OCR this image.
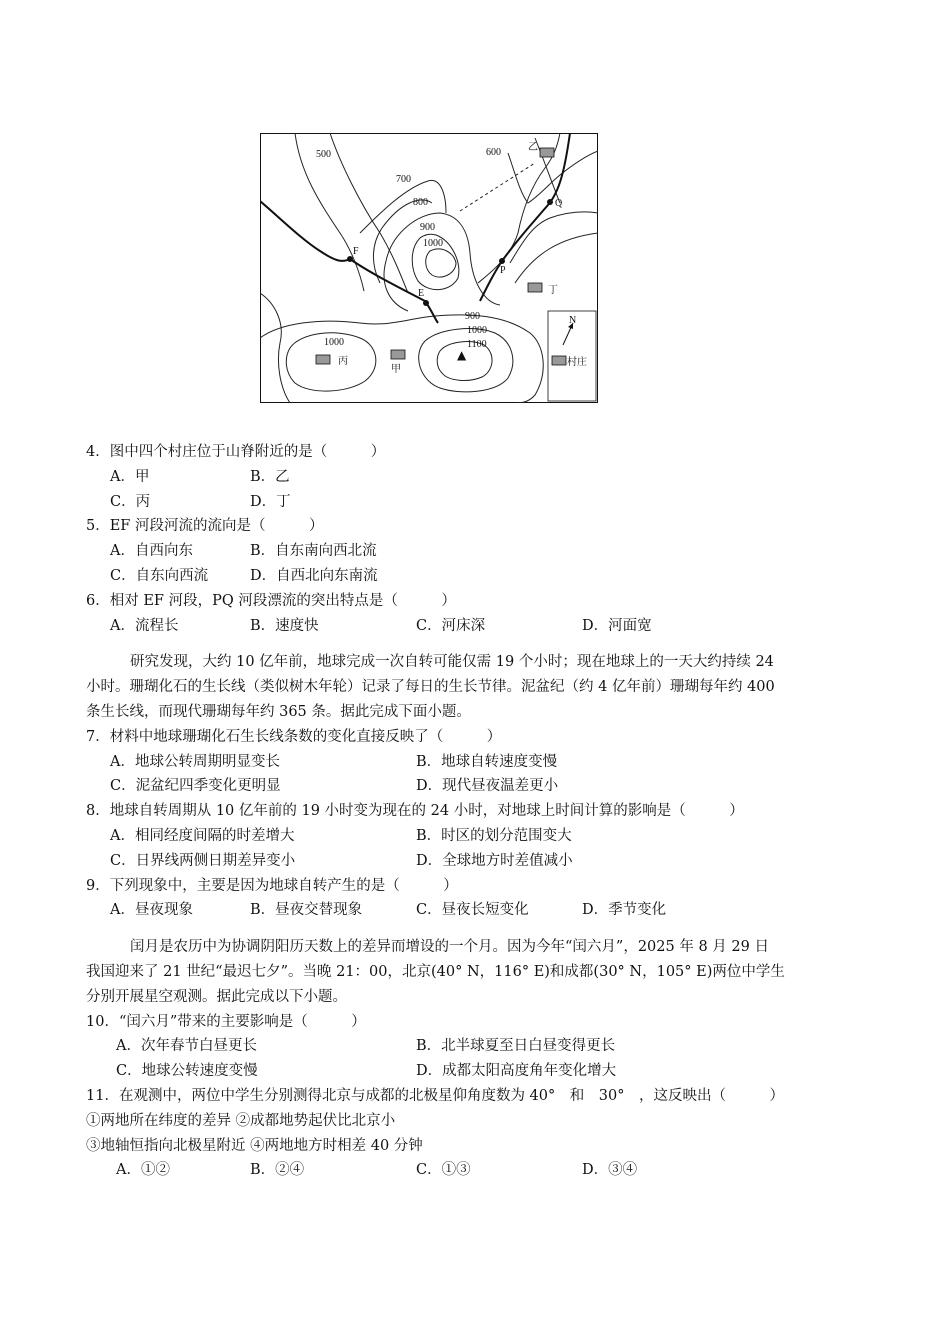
F
E
P
Q
500	600
700
800
900
1000
900
1000
1100
1000
乙
丁
丙
甲
▲
N
村庄
4．图中四个村庄位于山脊附近的是（　　　）
A．甲	B．乙
C．丙	D．丁
5．EF 河段河流的流向是（　　　）
A．自西向东	B．自东南向西北流
C．自东向西流	D．自西北向东南流
6．相对 EF 河段，PQ 河段漂流的突出特点是（　　　）
A．流程长	B．速度快	C．河床深	D．河面宽
研究发现，大约 10 亿年前，地球完成一次自转可能仅需 19 个小时；现在地球上的一天大约持续 24
小时。珊瑚化石的生长线（类似树木年轮）记录了每日的生长节律。泥盆纪（约 4 亿年前）珊瑚每年约 400
条生长线，而现代珊瑚每年约 365 条。据此完成下面小题。
7．材料中地球珊瑚化石生长线条数的变化直接反映了（　　　）
A．地球公转周期明显变长	B．地球自转速度变慢
C．泥盆纪四季变化更明显	D．现代昼夜温差更小
8．地球自转周期从 10 亿年前的 19 小时变为现在的 24 小时，对地球上时间计算的影响是（　　　）
A．相同经度间隔的时差增大	B．时区的划分范围变大
C．日界线两侧日期差异变小	D．全球地方时差值减小
9．下列现象中，主要是因为地球自转产生的是（　　　）
A．昼夜现象	B．昼夜交替现象	C．昼夜长短变化	D．季节变化
闰月是农历中为协调阴阳历天数上的差异而增设的一个月。因为今年“闰六月”，2025 年 8 月 29 日
我国迎来了 21 世纪“最迟七夕”。当晚 21：00，北京(40° N，116° E)和成都(30° N，105° E)两位中学生
分别开展星空观测。据此完成以下小题。
10．“闰六月”带来的主要影响是（　　　）
A．次年春节白昼更长	B．北半球夏至日白昼变得更长
C．地球公转速度变慢	D．成都太阳高度角年变化增大
11．在观测中，两位中学生分别测得北京与成都的北极星仰角度数为 40°　和　30°　，这反映出（　　　）
①两地所在纬度的差异 ②成都地势起伏比北京小
③地轴恒指向北极星附近 ④两地地方时相差 40 分钟
A．①②	B．②④	C．①③	D．③④
